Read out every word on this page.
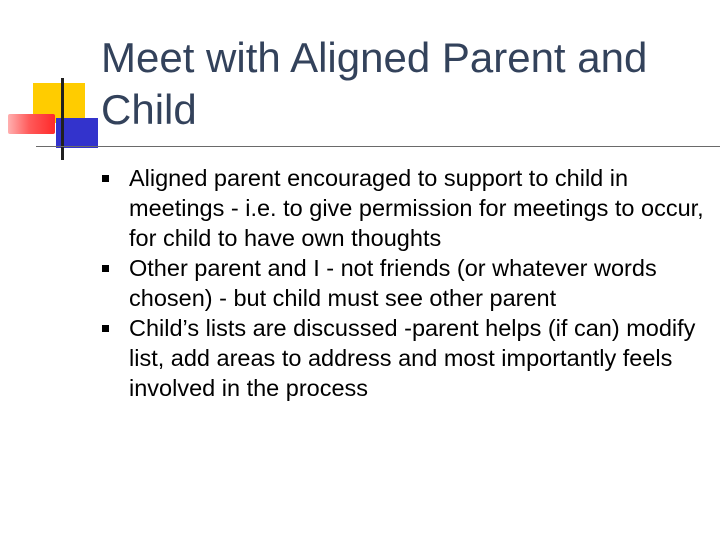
Meet with Aligned Parent and Child
Aligned parent encouraged to support to child in meetings - i.e. to give permission for meetings to occur, for child to have own thoughts
Other parent and I - not friends (or whatever words chosen) - but child must see other parent
Child’s lists are discussed -parent helps (if can) modify list, add areas to address and most importantly feels involved in the process
